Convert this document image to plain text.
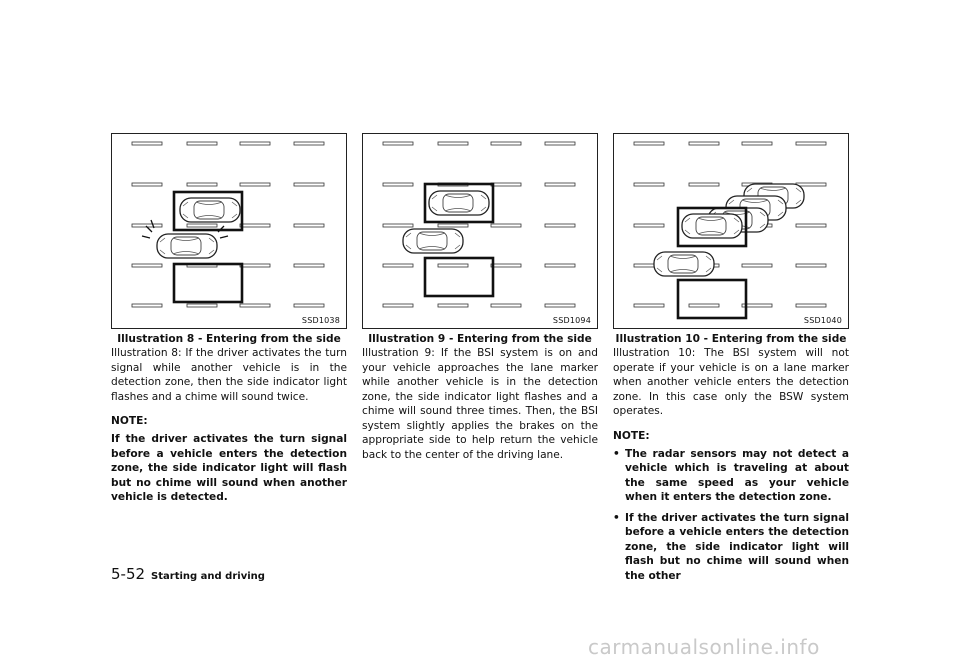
SSD1038
Illustration 8 - Entering from the side

Illustration 8: If the driver activates the turn signal while another vehicle is in the detection zone, then the side indicator light flashes and a chime will sound twice.

NOTE:

If the driver activates the turn signal before a vehicle enters the detection zone, the side indicator light will flash but no chime will sound when another vehicle is detected.

SSD1094
Illustration 9 - Entering from the side

Illustration 9: If the BSI system is on and your vehicle approaches the lane marker while another vehicle is in the detection zone, the side indicator light flashes and a chime will sound three times. Then, the BSI system slightly applies the brakes on the appropriate side to help return the vehicle back to the center of the driving lane.

SSD1040
Illustration 10 - Entering from the side

Illustration 10: The BSI system will not operate if your vehicle is on a lane marker when another vehicle enters the detection zone. In this case only the BSW system operates.

NOTE:
• The radar sensors may not detect a vehicle which is traveling at about the same speed as your vehicle when it enters the detection zone.
• If the driver activates the turn signal before a vehicle enters the detection zone, the side indicator light will flash but no chime will sound when the other
5-52 Starting and driving
carmanualsonline.info
